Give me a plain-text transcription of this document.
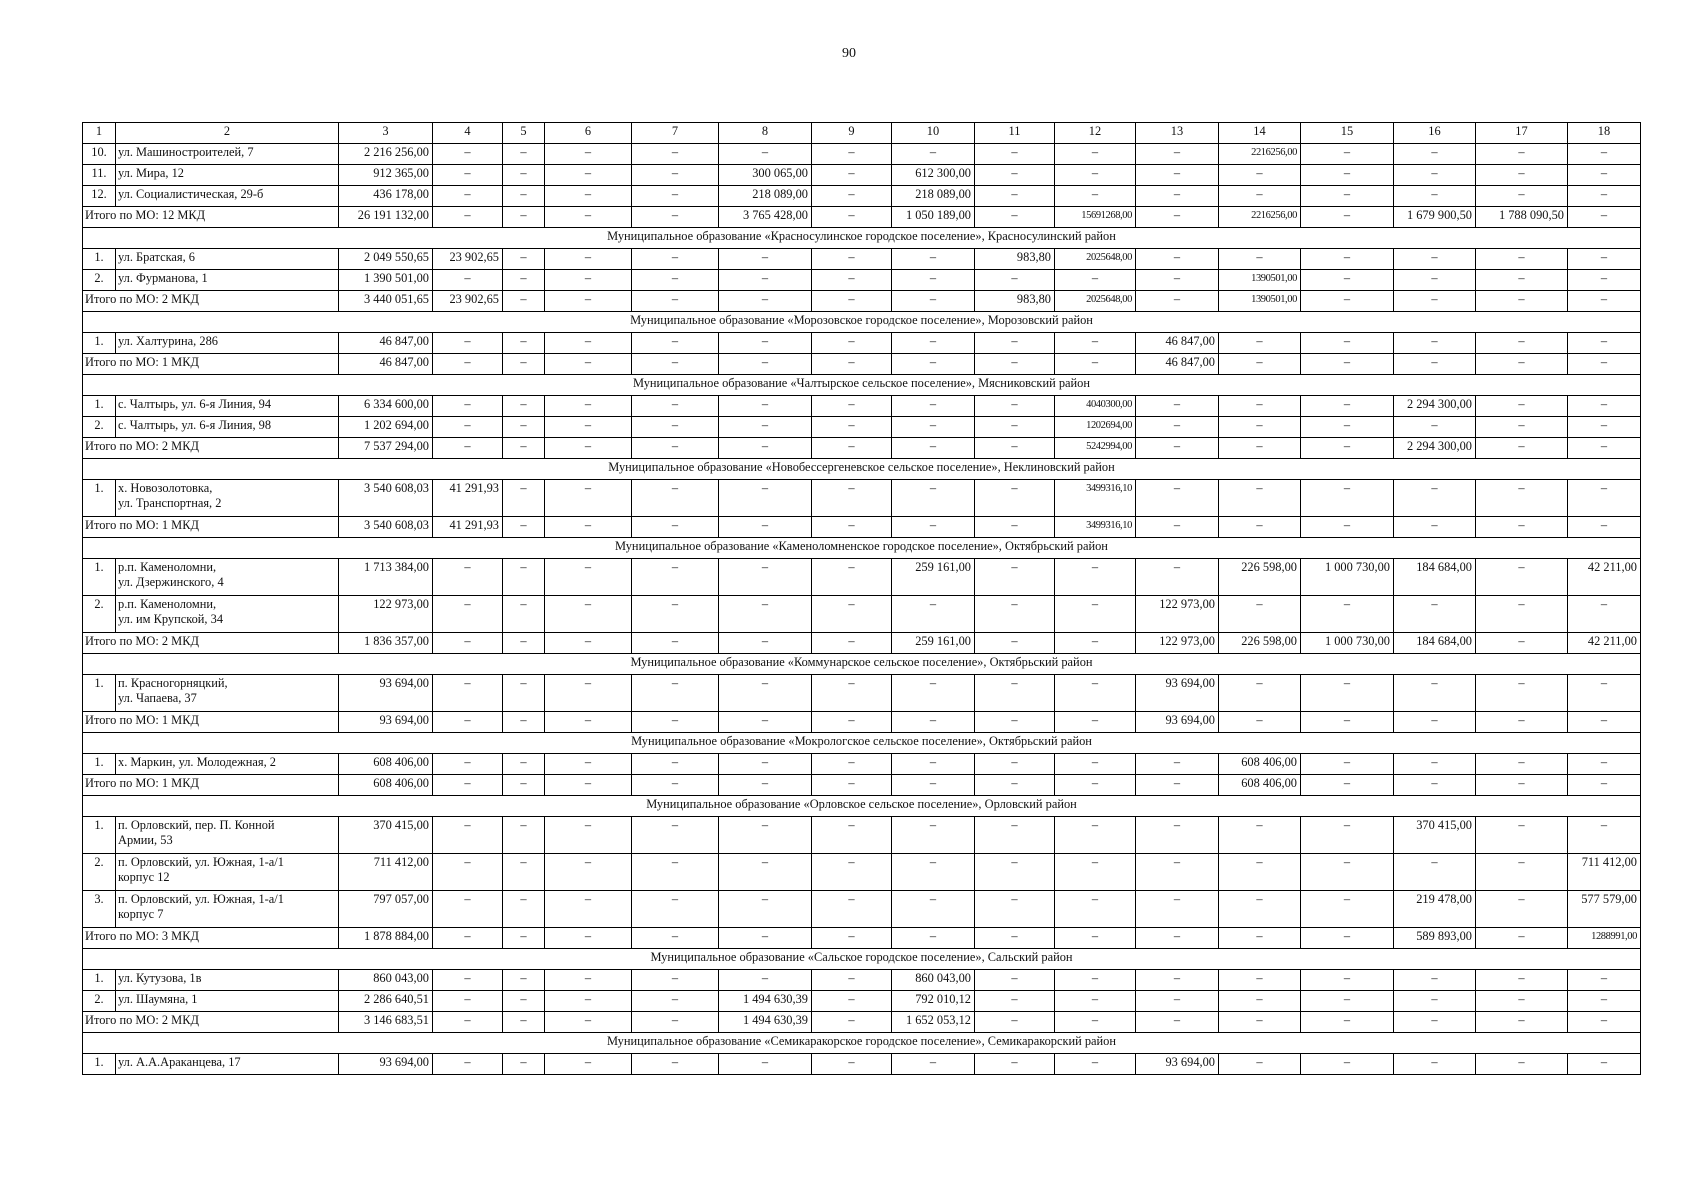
90
1	2	3	4	5	6	7	8	9	10	11	12	13	14	15	16	17	18
10.	ул. Машиностроителей, 7	2 216 256,00	–	–	–	–	–	–	–	–	–	–	2216256,00	–	–	–	–
11.	ул. Мира, 12	912 365,00	–	–	–	–	300 065,00	–	612 300,00	–	–	–	–	–	–	–	–
12.	ул. Социалистическая, 29-б	436 178,00	–	–	–	–	218 089,00	–	218 089,00	–	–	–	–	–	–	–	–
Итого по МО: 12 МКД		26 191 132,00	–	–	–	–	3 765 428,00	–	1 050 189,00	–	15691268,00	–	2216256,00	–	1 679 900,50	1 788 090,50	–
Муниципальное образование «Красносулинское городское поселение», Красносулинский район																	
1.	ул. Братская, 6	2 049 550,65	23 902,65	–	–	–	–	–	–	983,80	2025648,00	–	–	–	–	–	–
2.	ул. Фурманова, 1	1 390 501,00	–	–	–	–	–	–	–	–	–	–	1390501,00	–	–	–	–
Итого по МО: 2 МКД		3 440 051,65	23 902,65	–	–	–	–	–	–	983,80	2025648,00	–	1390501,00	–	–	–	–
Муниципальное образование «Морозовское городское поселение», Морозовский район																	
1.	ул. Халтурина, 286	46 847,00	–	–	–	–	–	–	–	–	–	46 847,00	–	–	–	–	–
Итого по МО: 1 МКД		46 847,00	–	–	–	–	–	–	–	–	–	46 847,00	–	–	–	–	–
Муниципальное образование «Чалтырское сельское поселение», Мясниковский район																	
1.	с. Чалтырь, ул. 6-я Линия, 94	6 334 600,00	–	–	–	–	–	–	–	–	4040300,00	–	–	–	2 294 300,00	–	–
2.	с. Чалтырь, ул. 6-я Линия, 98	1 202 694,00	–	–	–	–	–	–	–	–	1202694,00	–	–	–	–	–	–
Итого по МО: 2 МКД		7 537 294,00	–	–	–	–	–	–	–	–	5242994,00	–	–	–	2 294 300,00	–	–
Муниципальное образование «Новобессергеневское сельское поселение», Неклиновский район																	
1.	х. Новозолотовка,
ул. Транспортная, 2	3 540 608,03	41 291,93	–	–	–	–	–	–	–	3499316,10	–	–	–	–	–	–
Итого по МО: 1 МКД		3 540 608,03	41 291,93	–	–	–	–	–	–	–	3499316,10	–	–	–	–	–	–
Муниципальное образование «Каменоломненское городское поселение», Октябрьский район																	
1.	р.п. Каменоломни,
ул. Дзержинского, 4	1 713 384,00	–	–	–	–	–	–	259 161,00	–	–	–	226 598,00	1 000 730,00	184 684,00	–	42 211,00
2.	р.п. Каменоломни,
ул. им Крупской, 34	122 973,00	–	–	–	–	–	–	–	–	–	122 973,00	–	–	–	–	–
Итого по МО: 2 МКД		1 836 357,00	–	–	–	–	–	–	259 161,00	–	–	122 973,00	226 598,00	1 000 730,00	184 684,00	–	42 211,00
Муниципальное образование «Коммунарское сельское поселение», Октябрьский район																	
1.	п. Красногорняцкий,
ул. Чапаева, 37	93 694,00	–	–	–	–	–	–	–	–	–	93 694,00	–	–	–	–	–
Итого по МО: 1 МКД		93 694,00	–	–	–	–	–	–	–	–	–	93 694,00	–	–	–	–	–
Муниципальное образование «Мокрологское сельское поселение», Октябрьский район																	
1.	х. Маркин, ул. Молодежная, 2	608 406,00	–	–	–	–	–	–	–	–	–	–	608 406,00	–	–	–	–
Итого по МО: 1 МКД		608 406,00	–	–	–	–	–	–	–	–	–	–	608 406,00	–	–	–	–
Муниципальное образование «Орловское сельское поселение», Орловский район																	
1.	п. Орловский, пер. П. Конной
Армии, 53	370 415,00	–	–	–	–	–	–	–	–	–	–	–	–	370 415,00	–	–
2.	п. Орловский, ул. Южная, 1-а/1
корпус 12	711 412,00	–	–	–	–	–	–	–	–	–	–	–	–	–	–	711 412,00
3.	п. Орловский, ул. Южная, 1-а/1
корпус 7	797 057,00	–	–	–	–	–	–	–	–	–	–	–	–	219 478,00	–	577 579,00
Итого по МО: 3 МКД		1 878 884,00	–	–	–	–	–	–	–	–	–	–	–	–	589 893,00	–	1288991,00
Муниципальное образование «Сальское городское поселение», Сальский район																	
1.	ул. Кутузова, 1в	860 043,00	–	–	–	–	–	–	860 043,00	–	–	–	–	–	–	–	–
2.	ул. Шаумяна, 1	2 286 640,51	–	–	–	–	1 494 630,39	–	792 010,12	–	–	–	–	–	–	–	–
Итого по МО: 2 МКД		3 146 683,51	–	–	–	–	1 494 630,39	–	1 652 053,12	–	–	–	–	–	–	–	–
Муниципальное образование «Семикаракорское городское поселение», Семикаракорский район																	
1.	ул. А.А.Араканцева, 17	93 694,00	–	–	–	–	–	–	–	–	–	93 694,00	–	–	–	–	–
